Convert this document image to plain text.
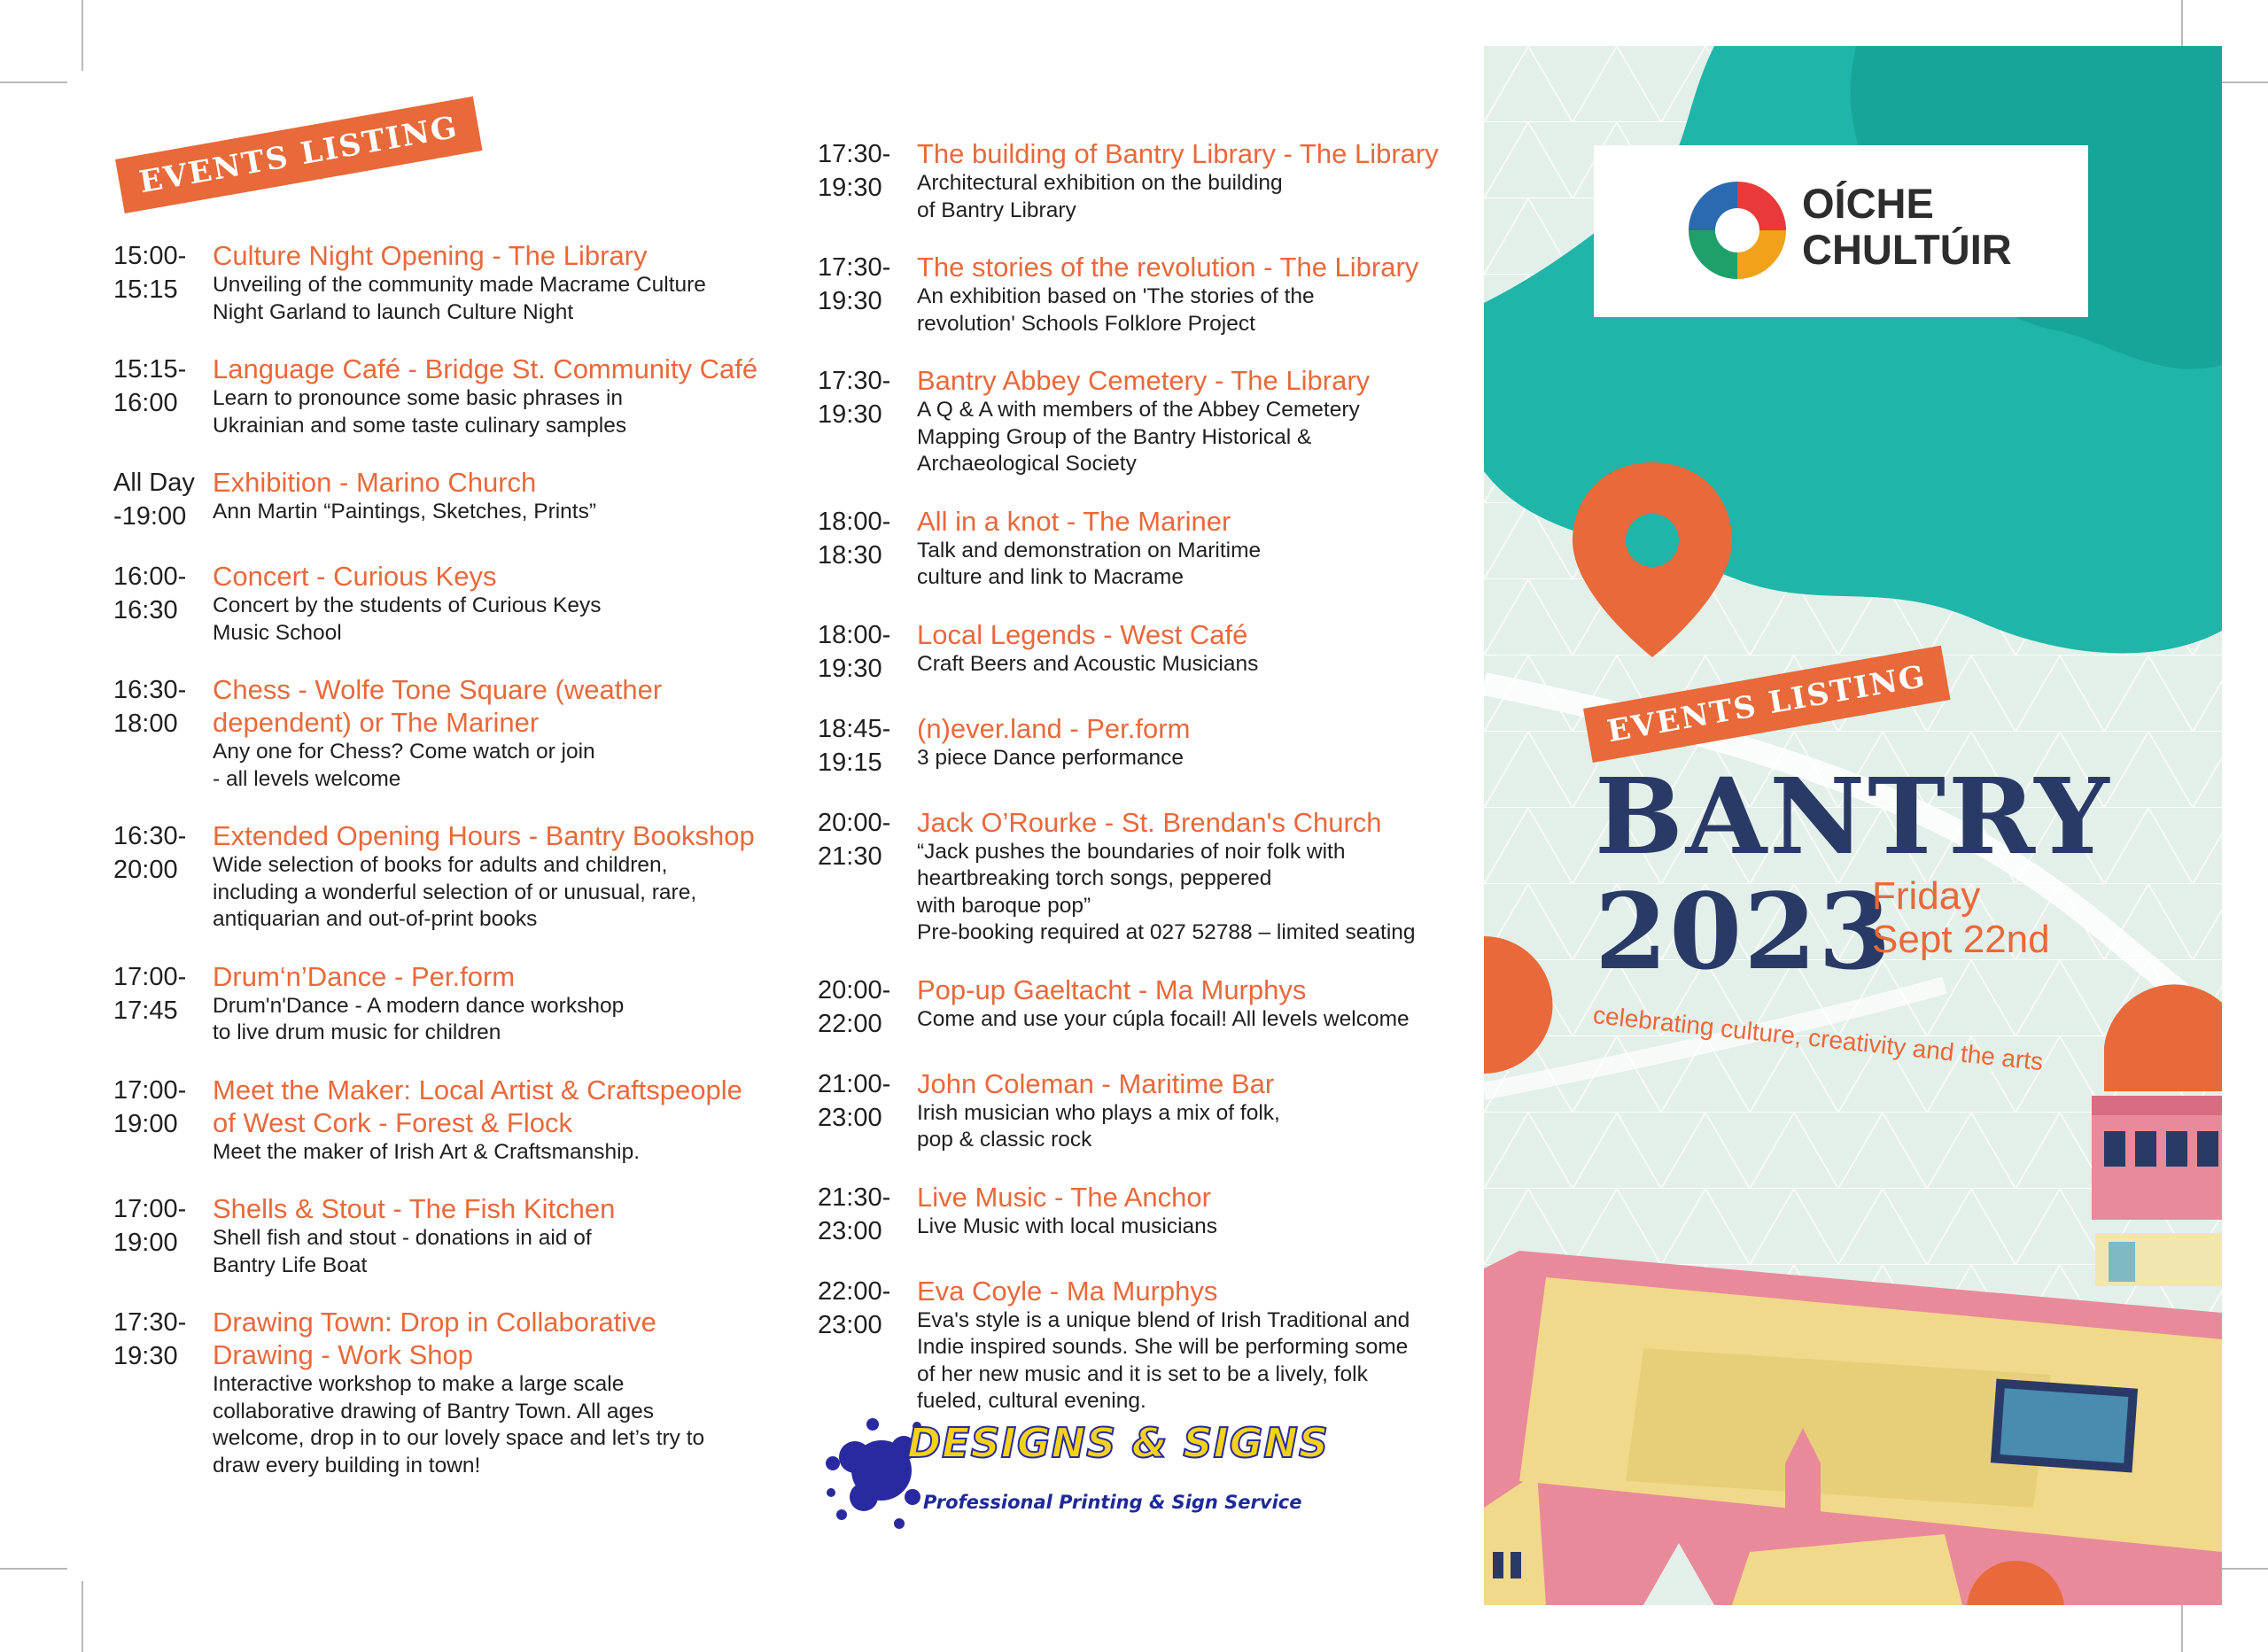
EVENTS LISTING
15:00-
15:15
Culture Night Opening - The Library
Unveiling of the community made Macrame Culture
Night Garland to launch Culture Night
15:15-
16:00
Language Café - Bridge St. Community Café
Learn to pronounce some basic phrases in
Ukrainian and some taste culinary samples
All Day
-19:00
Exhibition - Marino Church
Ann Martin “Paintings, Sketches, Prints”
16:00-
16:30
Concert - Curious Keys
Concert by the students of Curious Keys
Music School
16:30-
18:00
Chess - Wolfe Tone Square (weather
dependent) or The Mariner
Any one for Chess? Come watch or join
- all levels welcome
16:30-
20:00
Extended Opening Hours - Bantry Bookshop
Wide selection of books for adults and children,
including a wonderful selection of or unusual, rare,
antiquarian and out-of-print books
17:00-
17:45
Drum‘n’Dance - Per.form
Drum'n'Dance - A modern dance workshop
to live drum music for children
17:00-
19:00
Meet the Maker: Local Artist & Craftspeople
of West Cork - Forest & Flock
Meet the maker of Irish Art & Craftsmanship.
17:00-
19:00
Shells & Stout - The Fish Kitchen
Shell fish and stout - donations in aid of
Bantry Life Boat
17:30-
19:30
Drawing Town: Drop in Collaborative
Drawing - Work Shop
Interactive workshop to make a large scale
collaborative drawing of Bantry Town. All ages
welcome, drop in to our lovely space and let’s try to
draw every building in town!
17:30-
19:30
The building of Bantry Library - The Library
Architectural exhibition on the building
of Bantry Library
17:30-
19:30
The stories of the revolution - The Library
An exhibition based on 'The stories of the
revolution' Schools Folklore Project
17:30-
19:30
Bantry Abbey Cemetery - The Library
A Q & A with members of the Abbey Cemetery
Mapping Group of the Bantry Historical &
Archaeological Society
18:00-
18:30
All in a knot - The Mariner
Talk and demonstration on Maritime
culture and link to Macrame
18:00-
19:30
Local Legends - West Café
Craft Beers and Acoustic Musicians
18:45-
19:15
(n)ever.land - Per.form
3 piece Dance performance
20:00-
21:30
Jack O’Rourke - St. Brendan's Church
“Jack pushes the boundaries of noir folk with
heartbreaking torch songs, peppered
with baroque pop”
Pre-booking required at 027 52788 – limited seating
20:00-
22:00
Pop-up Gaeltacht - Ma Murphys
Come and use your cúpla focail! All levels welcome
21:00-
23:00
John Coleman - Maritime Bar
Irish musician who plays a mix of folk,
pop & classic rock
21:30-
23:00
Live Music - The Anchor
Live Music with local musicians
22:00-
23:00
Eva Coyle - Ma Murphys
Eva's style is a unique blend of Irish Traditional and
Indie inspired sounds. She will be performing some
of her new music and it is set to be a lively, folk
fueled, cultural evening.
DESIGNS & SIGNS
Professional Printing & Sign Service
OÍCHE
CHULTÚIR
EVENTS LISTING
BANTRY
2023
Friday
Sept 22nd
celebrating culture, creativity and the arts
